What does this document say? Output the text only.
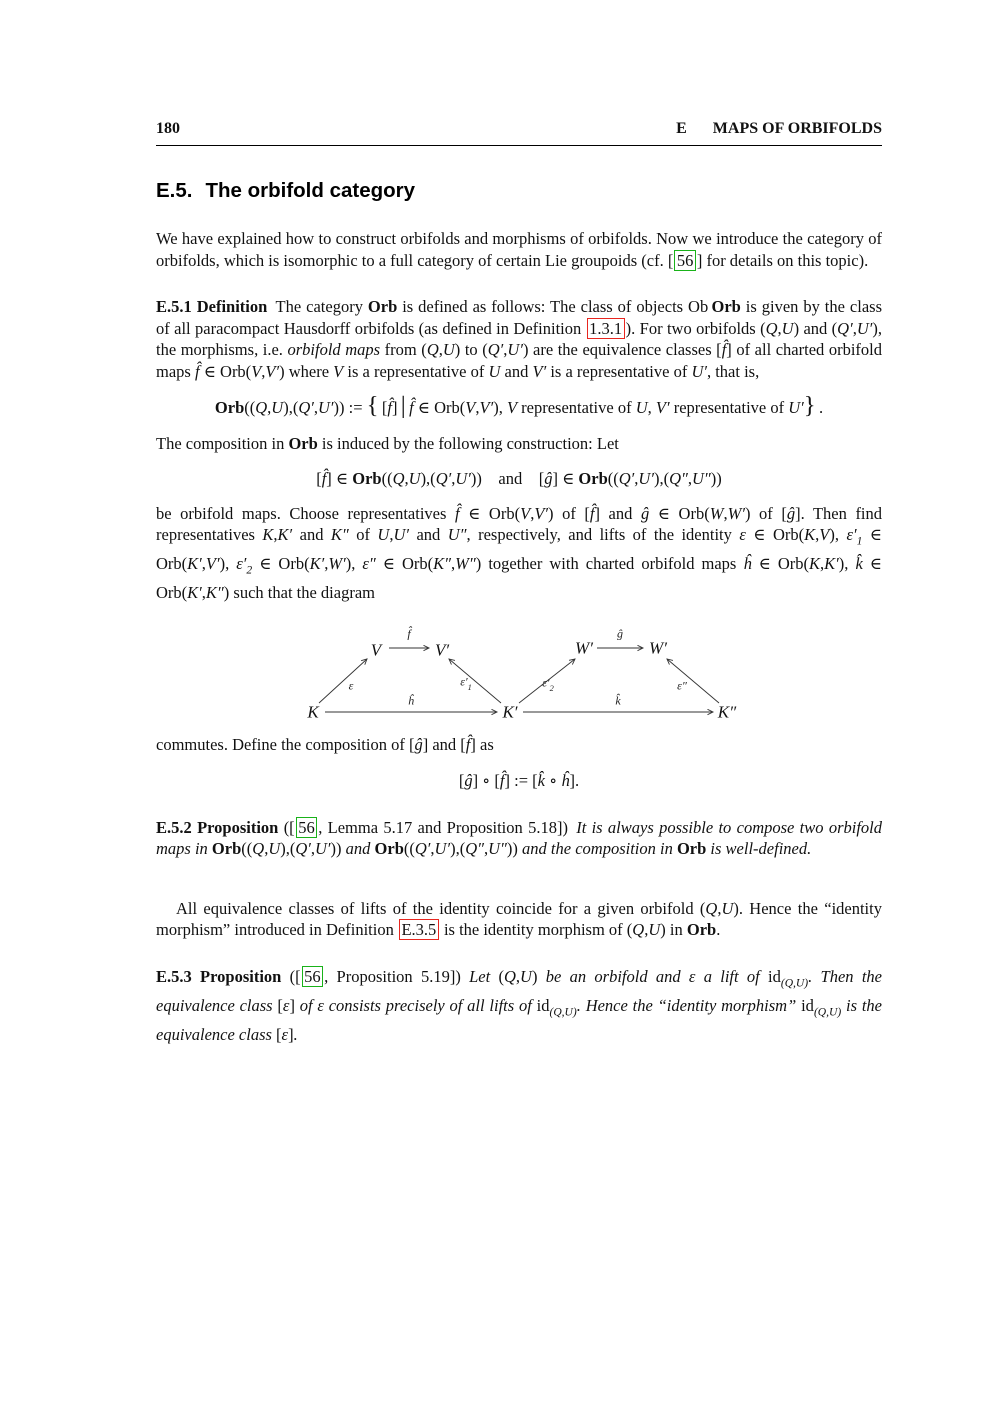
180	E MAPS OF ORBIFOLDS
E.5. The orbifold category

We have explained how to construct orbifolds and morphisms of orbifolds. Now we introduce the category of orbifolds, which is isomorphic to a full category of certain Lie groupoids (cf. [ 56 ] for details on this topic).

E.5.1 Definition The category Orb is defined as follows: The class of objects Ob Orb is given by the class of all paracompact Hausdorff orbifolds (as defined in Definition 1.3.1 ). For two orbifolds (Q,U) and (Q′,U′), the morphisms, i.e. orbifold maps from (Q,U) to (Q′,U′) are the equivalence classes [f̂] of all charted orbifold maps f̂ ∈ Orb(V,V′) where V is a representative of U and V′ is a representative of U′, that is,

Orb((Q,U),(Q′,U′)) := { [f̂] |  f̂ ∈ Orb(V,V′), V representative of U, V′ representative of U′} .

The composition in Orb is induced by the following construction: Let

[f̂] ∈ Orb((Q,U),(Q′,U′)) and [ĝ] ∈ Orb((Q′,U′),(Q″,U″))

be orbifold maps. Choose representatives f̂ ∈ Orb(V,V′) of [f̂] and ĝ ∈ Orb(W,W′) of [ĝ]. Then find representatives K,K′ and K″ of U,U′ and U″, respectively, and lifts of the identity ε ∈ Orb(K,V), $\varepsilon'_1$ ∈ Orb(K′,V′), $\varepsilon'_2$ ∈ Orb(K′,W′), ε″ ∈ Orb(K″,W″) together with charted orbifold maps ĥ ∈ Orb(K,K′), k̂ ∈ Orb(K′,K″) such that the diagram

V	V′
K	K′
W′	W′
K″
f̂	ĝ
ε	$\varepsilon'_1$	$\varepsilon'_2$	ε″
ĥ	k̂

commutes. Define the composition of [ĝ] and [f̂] as

[ĝ] ∘ [f̂] := [k̂ ∘ ĥ].

E.5.2 Proposition ([ 56 , Lemma 5.17 and Proposition 5.18]) It is always possible to compose two orbifold maps in Orb((Q,U),(Q′,U′)) and Orb((Q′,U′),(Q″,U″)) and the composition in Orb is well-defined.

All equivalence classes of lifts of the identity coincide for a given orbifold (Q,U). Hence the “identity morphism” introduced in Definition E.3.5 is the identity morphism of (Q,U) in Orb.

E.5.3 Proposition ([ 56 , Proposition 5.19]) Let (Q,U) be an orbifold and ε a lift of $id_{(Q,U)}$. Then the equivalence class [ε] of ε consists precisely of all lifts of $id_{(Q,U)}$. Hence the “identity morphism” $id_{(Q,U)}$ is the equivalence class [ε].
